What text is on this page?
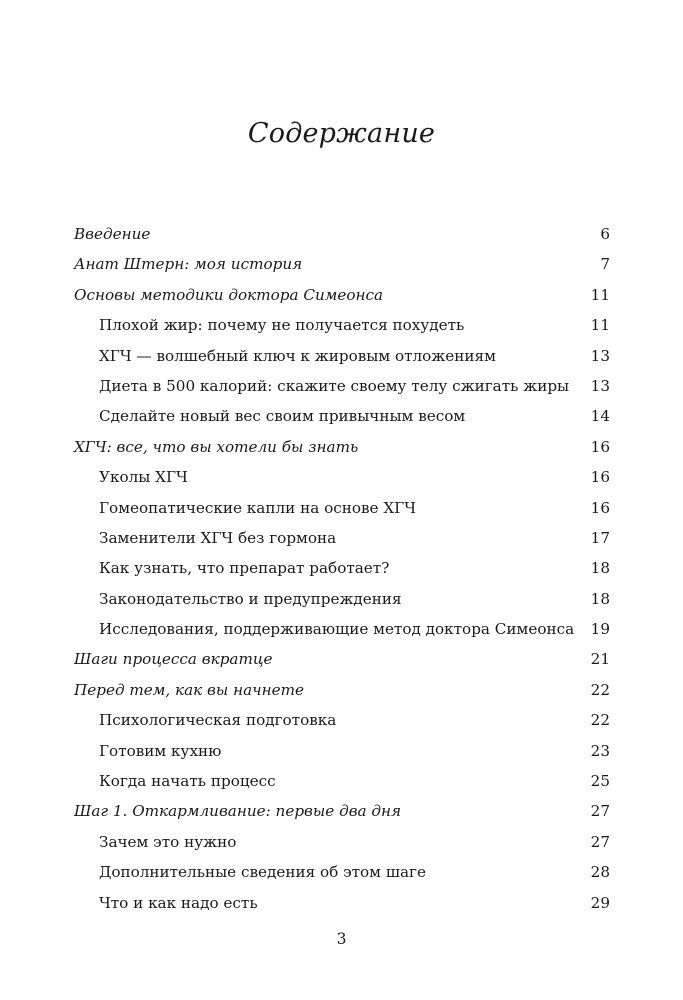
Содержание
Введение	6
Анат Штерн: моя история	7
Основы методики доктора Симеонса	11
Плохой жир: почему не получается похудеть	11
ХГЧ — волшебный ключ к жировым отложениям	13
Диета в 500 калорий: скажите своему телу сжигать жиры 13
Сделайте новый вес своим привычным весом	14
ХГЧ: все, что вы хотели бы знать	16
Уколы ХГЧ	16
Гомеопатические капли на основе ХГЧ	16
Заменители ХГЧ без гормона	17
Как узнать, что препарат работает?	18
Законодательство и предупреждения	18
Исследования, поддерживающие метод доктора Симеонса 19
Шаги процесса вкратце	21
Перед тем, как вы начнете	22
Психологическая подготовка	22
Готовим кухню	23
Когда начать процесс	25
Шаг 1. Откармливание: первые два дня	27
Зачем это нужно	27
Дополнительные сведения об этом шаге	28
Что и как надо есть	29
3
